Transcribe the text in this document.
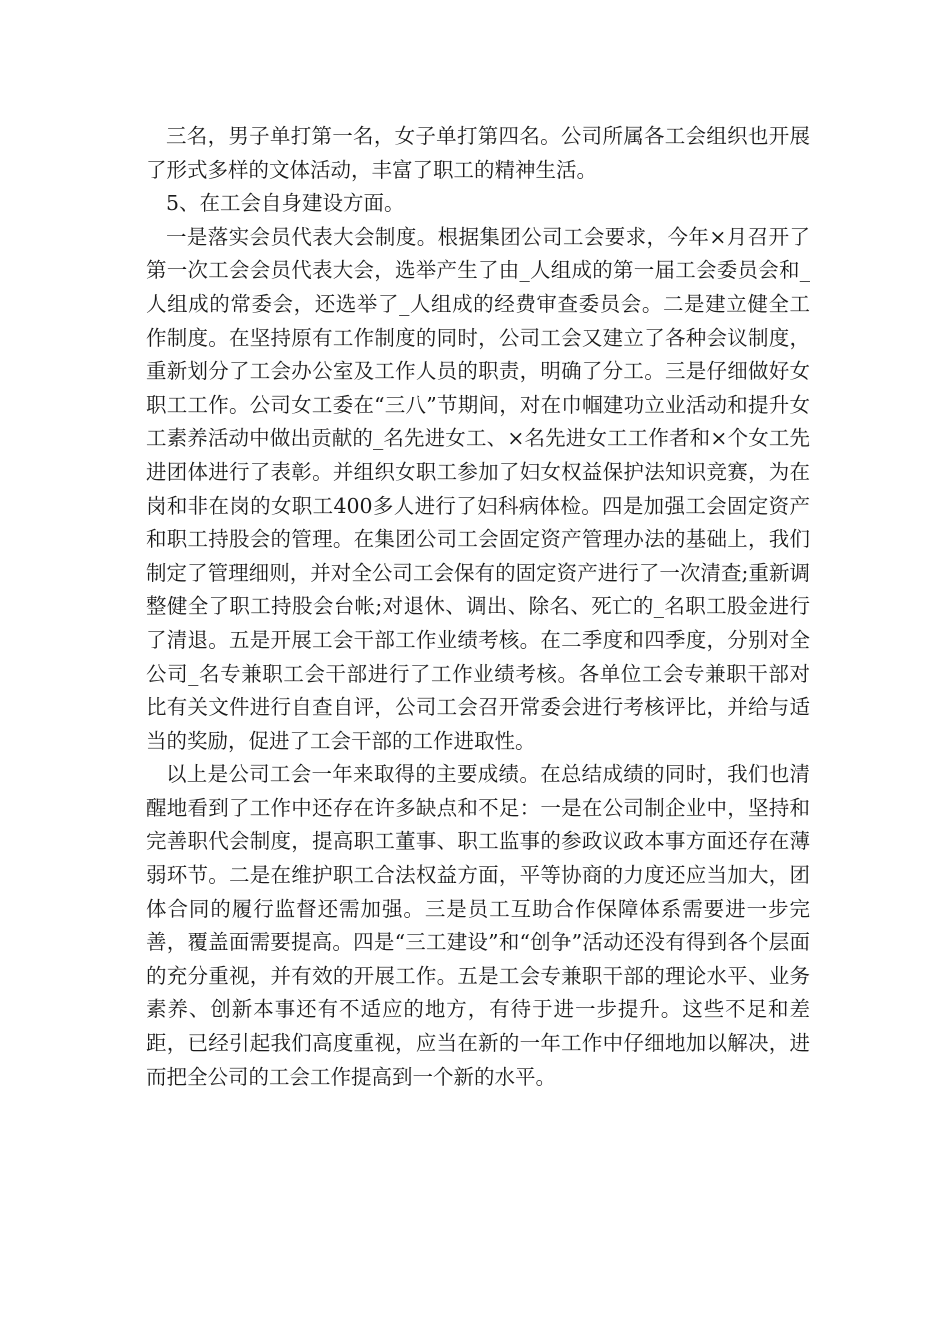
三名，男子单打第一名，女子单打第四名。公司所属各工会组织也开展了形式多样的文体活动，丰富了职工的精神生活。

5、在工会自身建设方面。

一是落实会员代表大会制度。根据集团公司工会要求，今年×月召开了第一次工会会员代表大会，选举产生了由_人组成的第一届工会委员会和_人组成的常委会，还选举了_人组成的经费审查委员会。二是建立健全工作制度。在坚持原有工作制度的同时，公司工会又建立了各种会议制度，重新划分了工会办公室及工作人员的职责，明确了分工。三是仔细做好女职工工作。公司女工委在“三八”节期间，对在巾帼建功立业活动和提升女工素养活动中做出贡献的_名先进女工、×名先进女工工作者和×个女工先进团体进行了表彰。并组织女职工参加了妇女权益保护法知识竞赛，为在岗和非在岗的女职工400多人进行了妇科病体检。四是加强工会固定资产和职工持股会的管理。在集团公司工会固定资产管理办法的基础上，我们制定了管理细则，并对全公司工会保有的固定资产进行了一次清查;重新调整健全了职工持股会台帐;对退休、调出、除名、死亡的_名职工股金进行了清退。五是开展工会干部工作业绩考核。在二季度和四季度，分别对全公司_名专兼职工会干部进行了工作业绩考核。各单位工会专兼职干部对比有关文件进行自查自评，公司工会召开常委会进行考核评比，并给与适当的奖励，促进了工会干部的工作进取性。

以上是公司工会一年来取得的主要成绩。在总结成绩的同时，我们也清醒地看到了工作中还存在许多缺点和不足：一是在公司制企业中，坚持和完善职代会制度，提高职工董事、职工监事的参政议政本事方面还存在薄弱环节。二是在维护职工合法权益方面，平等协商的力度还应当加大，团体合同的履行监督还需加强。三是员工互助合作保障体系需要进一步完善，覆盖面需要提高。四是“三工建设”和“创争”活动还没有得到各个层面的充分重视，并有效的开展工作。五是工会专兼职干部的理论水平、业务素养、创新本事还有不适应的地方，有待于进一步提升。这些不足和差距，已经引起我们高度重视，应当在新的一年工作中仔细地加以解决，进而把全公司的工会工作提高到一个新的水平。
